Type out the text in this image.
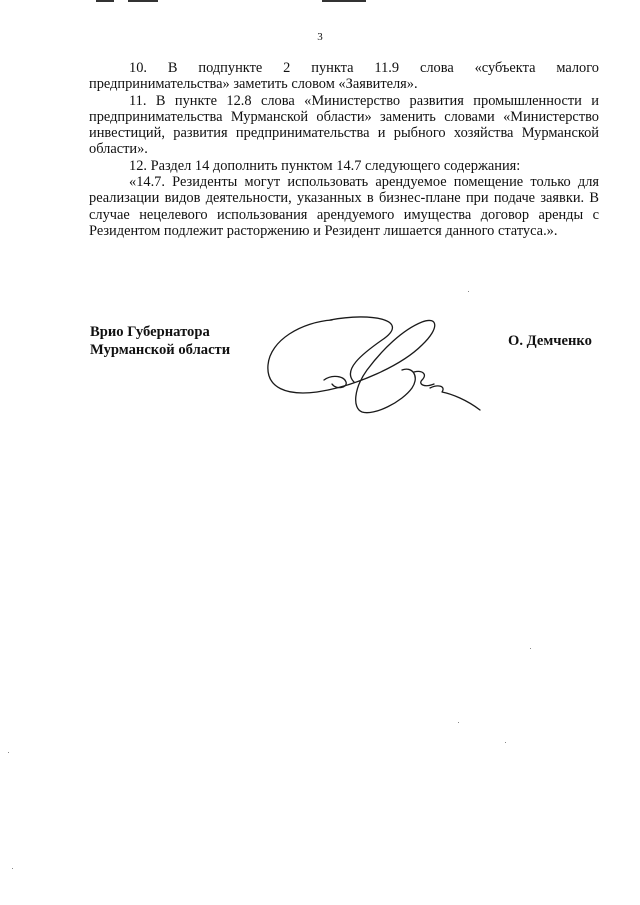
3

10. В подпункте 2 пункта 11.9 слова «субъекта малого предпринимательства» заметить словом «Заявителя».

11. В пункте 12.8 слова «Министерство развития промышленности и предпринимательства Мурманской области» заменить словами «Министерство инвестиций, развития предпринимательства и рыбного хозяйства Мурманской области».

12. Раздел 14 дополнить пунктом 14.7 следующего содержания:

«14.7. Резиденты могут использовать арендуемое помещение только для реализации видов деятельности, указанных в бизнес-плане при подаче заявки. В случае нецелевого использования арендуемого имущества договор аренды с Резидентом подлежит расторжению и Резидент лишается данного статуса.».

Врио Губернатора
Мурманской области
О. Демченко
